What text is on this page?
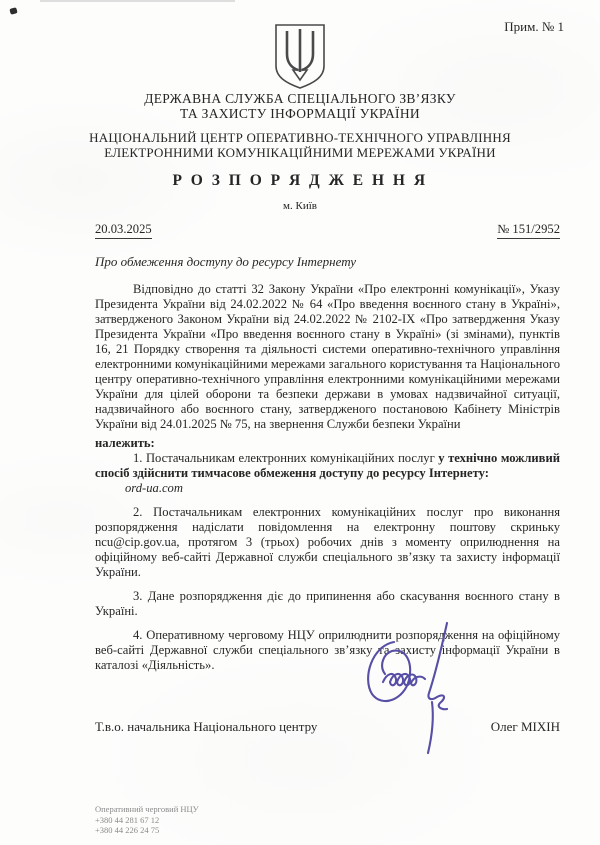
Прим. № 1
ДЕРЖАВНА СЛУЖБА СПЕЦІАЛЬНОГО ЗВ’ЯЗКУ
ТА ЗАХИСТУ ІНФОРМАЦІЇ УКРАЇНИ
НАЦІОНАЛЬНИЙ ЦЕНТР ОПЕРАТИВНО-ТЕХНІЧНОГО УПРАВЛІННЯ
ЕЛЕКТРОННИМИ КОМУНІКАЦІЙНИМИ МЕРЕЖАМИ УКРАЇНИ
Р О З П О Р Я Д Ж Е Н Н Я
м. Київ
20.03.2025	№ 151/2952
Про обмеження доступу до ресурсу Інтернету

Відповідно до статті 32 Закону України «Про електронні комунікації», Указу Президента України від 24.02.2022 № 64 «Про введення воєнного стану в Україні», затвердженого Законом України від 24.02.2022 № 2102-ІХ «Про затвердження Указу Президента України «Про введення воєнного стану в Україні» (зі змінами), пунктів 16, 21 Порядку створення та діяльності системи оперативно-технічного управління електронними комунікаційними мережами загального користування та Національного центру оперативно-технічного управління електронними комунікаційними мережами України для цілей оборони та безпеки держави в умовах надзвичайної ситуації, надзвичайного або воєнного стану, затвердженого постановою Кабінету Міністрів України від 24.01.2025 № 75, на звернення Служби безпеки України

належить:

1. Постачальникам електронних комунікаційних послуг у технічно можливий спосіб здійснити тимчасове обмеження доступу до ресурсу Інтернету:

ord-ua.com

2. Постачальникам електронних комунікаційних послуг про виконання розпорядження надіслати повідомлення на електронну поштову скриньку ncu@cip.gov.ua, протягом 3 (трьох) робочих днів з моменту оприлюднення на офіційному веб-сайті Державної служби спеціального зв’язку та захисту інформації України.

3. Дане розпорядження діє до припинення або скасування воєнного стану в Україні.

4. Оперативному черговому НЦУ оприлюднити розпорядження на офіційному веб-сайті Державної служби спеціального зв’язку та захисту інформації України в каталозі «Діяльність».

Т.в.о. начальника Національного центру	Олег МІХІН
Оперативний черговий НЦУ
+380 44 281 67 12
+380 44 226 24 75
